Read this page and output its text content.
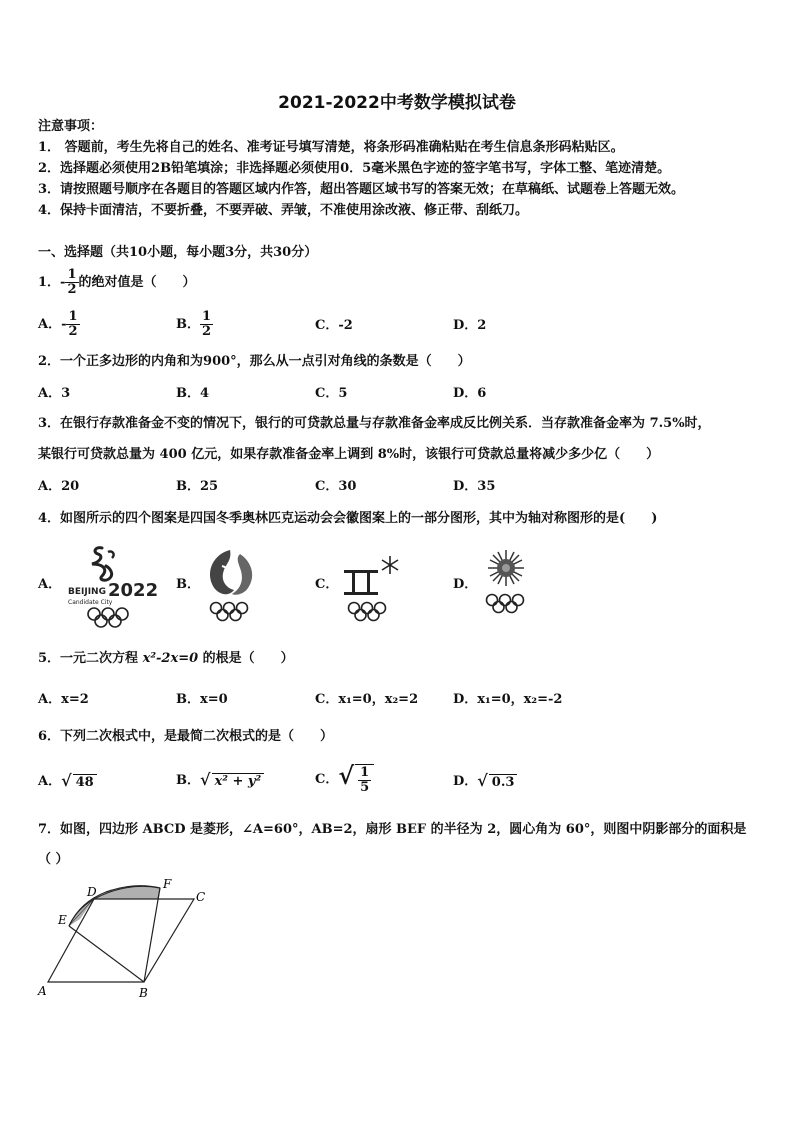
2021-2022中考数学模拟试卷
注意事项：
1． 答题前，考生先将自己的姓名、准考证号填写清楚，将条形码准确粘贴在考生信息条形码粘贴区。
2．选择题必须使用2B铅笔填涂；非选择题必须使用0．5毫米黑色字迹的签字笔书写，字体工整、笔迹清楚。
3．请按照题号顺序在各题目的答题区域内作答，超出答题区域书写的答案无效；在草稿纸、试题卷上答题无效。
4．保持卡面清洁，不要折叠，不要弄破、弄皱，不准使用涂改液、修正带、刮纸刀。
一、选择题（共10小题，每小题3分，共30分）
1．- $\frac{1}{2}$ 的绝对值是（　　）
A．- $\frac{1}{2}$	B． $\frac{1}{2}$	C．-2	D．2
2．一个正多边形的内角和为900°，那么从一点引对角线的条数是（　　）
A．3	B．4	C．5	D．6
3．在银行存款准备金不变的情况下，银行的可贷款总量与存款准备金率成反比例关系．当存款准备金率为 7.5%时，
某银行可贷款总量为 400 亿元，如果存款准备金率上调到 8%时，该银行可贷款总量将减少多少亿（　　）
A．20	B．25	C．30	D．35
4．如图所示的四个图案是四国冬季奥林匹克运动会会徽图案上的一部分图形，其中为轴对称图形的是(　　)
A．	B．	C．	D．
BEIJING 2022
Candidate City
5．一元二次方程 x²-2x=0 的根是（　　）
A．x=2	B．x=0	C．x₁=0，x₂=2	D．x₁=0，x₂=-2
6．下列二次根式中，是最简二次根式的是（　　）
A． √ 48	B． √ x² + y²	C． √ $\frac{1}{5}$	D． √ 0.3
7．如图，四边形 ABCD 是菱形，∠A=60°，AB=2，扇形 BEF 的半径为 2，圆心角为 60°，则图中阴影部分的面积是
（ ）
A	B
C
D
E
F
